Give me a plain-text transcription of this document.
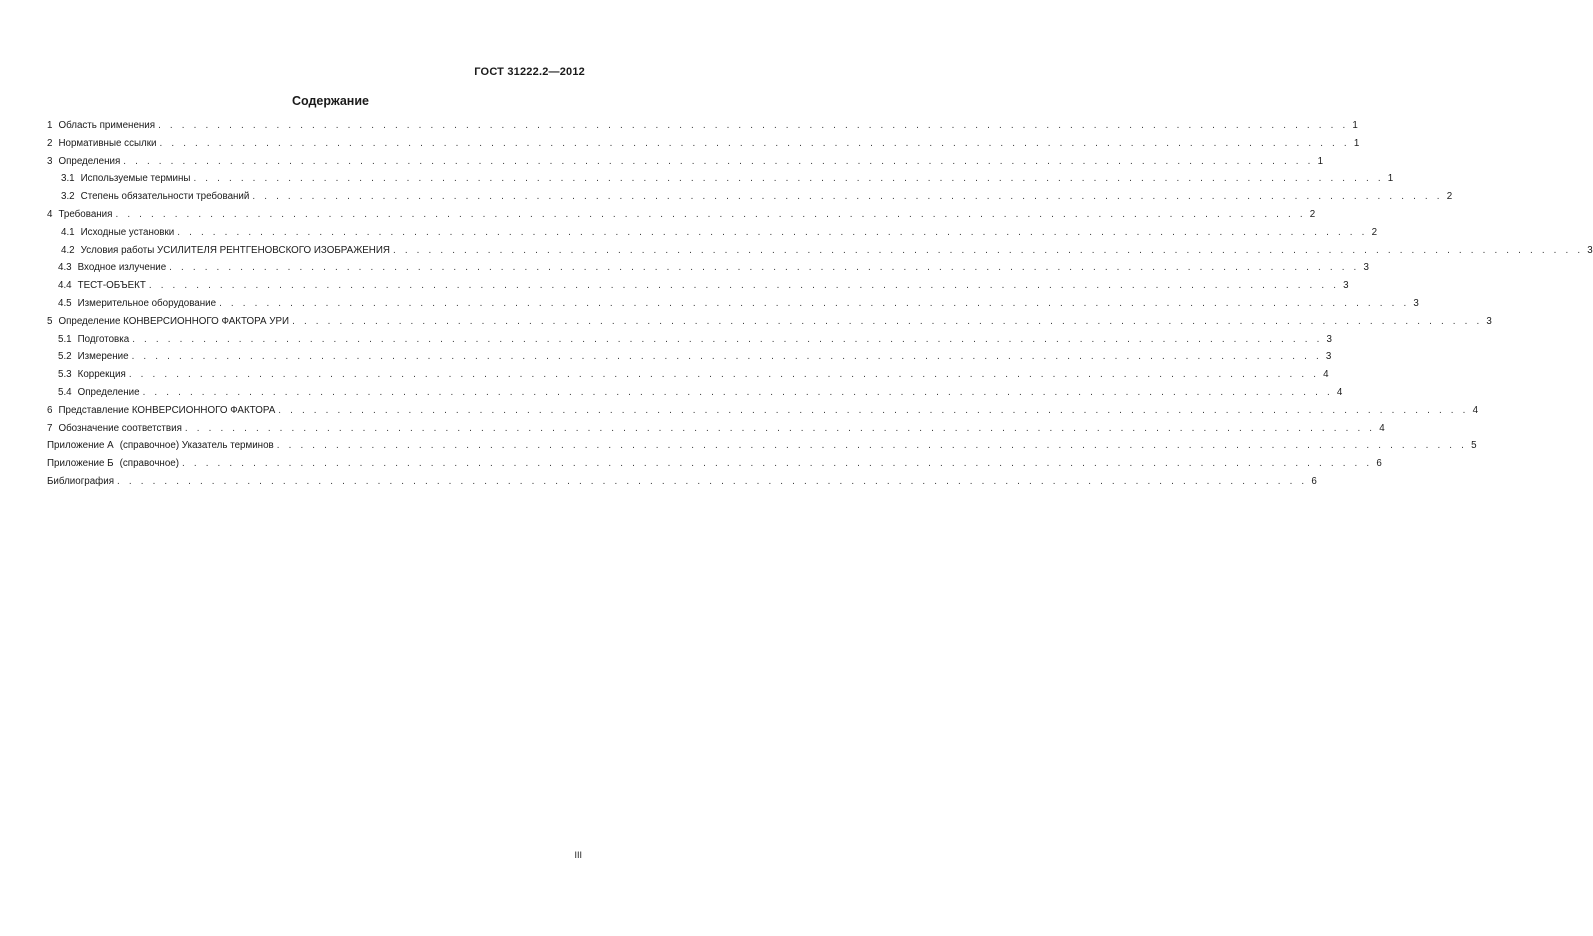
ГОСТ 31222.2—2012
Содержание
1 Область применения . . . . . . . . . . . . . . . . . . . . . . . . . . . . . . . . . . . . . . . . . . . . . . . . . . . . . . . . . . . . . . . . . . . . . . . . . . . . . . . . . . . . . . . . . . . . . . . . . . . . . 1
2 Нормативные ссылки . . . . . . . . . . . . . . . . . . . . . . . . . . . . . . . . . . . . . . . . . . . . . . . . . . . . . . . . . . . . . . . . . . . . . . . . . . . . . . . . . . . . . . . . . . . . . . . . . . . . . 1
3 Определения . . . . . . . . . . . . . . . . . . . . . . . . . . . . . . . . . . . . . . . . . . . . . . . . . . . . . . . . . . . . . . . . . . . . . . . . . . . . . . . . . . . . . . . . . . . . . . . . . . . . . 1
3.1 Используемые термины . . . . . . . . . . . . . . . . . . . . . . . . . . . . . . . . . . . . . . . . . . . . . . . . . . . . . . . . . . . . . . . . . . . . . . . . . . . . . . . . . . . . . . . . . . . . . . . . . . . . . 1
3.2 Степень обязательности требований . . . . . . . . . . . . . . . . . . . . . . . . . . . . . . . . . . . . . . . . . . . . . . . . . . . . . . . . . . . . . . . . . . . . . . . . . . . . . . . . . . . . . . . . . . . . . . . . . . . . . 2
4 Требования . . . . . . . . . . . . . . . . . . . . . . . . . . . . . . . . . . . . . . . . . . . . . . . . . . . . . . . . . . . . . . . . . . . . . . . . . . . . . . . . . . . . . . . . . . . . . . . . . . . . . 2
4.1 Исходные установки . . . . . . . . . . . . . . . . . . . . . . . . . . . . . . . . . . . . . . . . . . . . . . . . . . . . . . . . . . . . . . . . . . . . . . . . . . . . . . . . . . . . . . . . . . . . . . . . . . . . . 2
4.2 Условия работы УСИЛИТЕЛЯ РЕНТГЕНОВСКОГО ИЗОБРАЖЕНИЯ . . . . . . . . . . . . . . . . . . . . . . . . . . . . . . . . . . . . . . . . . . . . . . . . . . . . . . . . . . . . . . . . . . . . . . . . . . . . . . . . . . . . . . . . . . . . . . . . . . . . . 3
4.3 Входное излучение . . . . . . . . . . . . . . . . . . . . . . . . . . . . . . . . . . . . . . . . . . . . . . . . . . . . . . . . . . . . . . . . . . . . . . . . . . . . . . . . . . . . . . . . . . . . . . . . . . . . . 3
4.4 ТЕСТ-ОБЪЕКТ . . . . . . . . . . . . . . . . . . . . . . . . . . . . . . . . . . . . . . . . . . . . . . . . . . . . . . . . . . . . . . . . . . . . . . . . . . . . . . . . . . . . . . . . . . . . . . . . . . . . . 3
4.5 Измерительное оборудование . . . . . . . . . . . . . . . . . . . . . . . . . . . . . . . . . . . . . . . . . . . . . . . . . . . . . . . . . . . . . . . . . . . . . . . . . . . . . . . . . . . . . . . . . . . . . . . . . . . . . 3
5 Определение КОНВЕРСИОННОГО ФАКТОРА УРИ . . . . . . . . . . . . . . . . . . . . . . . . . . . . . . . . . . . . . . . . . . . . . . . . . . . . . . . . . . . . . . . . . . . . . . . . . . . . . . . . . . . . . . . . . . . . . . . . . . . . . 3
5.1 Подготовка . . . . . . . . . . . . . . . . . . . . . . . . . . . . . . . . . . . . . . . . . . . . . . . . . . . . . . . . . . . . . . . . . . . . . . . . . . . . . . . . . . . . . . . . . . . . . . . . . . . . . 3
5.2 Измерение . . . . . . . . . . . . . . . . . . . . . . . . . . . . . . . . . . . . . . . . . . . . . . . . . . . . . . . . . . . . . . . . . . . . . . . . . . . . . . . . . . . . . . . . . . . . . . . . . . . . . 3
5.3 Коррекция . . . . . . . . . . . . . . . . . . . . . . . . . . . . . . . . . . . . . . . . . . . . . . . . . . . . . . . . . . . . . . . . . . . . . . . . . . . . . . . . . . . . . . . . . . . . . . . . . . . . . 4
5.4 Определение . . . . . . . . . . . . . . . . . . . . . . . . . . . . . . . . . . . . . . . . . . . . . . . . . . . . . . . . . . . . . . . . . . . . . . . . . . . . . . . . . . . . . . . . . . . . . . . . . . . . . 4
6 Представление КОНВЕРСИОННОГО ФАКТОРА . . . . . . . . . . . . . . . . . . . . . . . . . . . . . . . . . . . . . . . . . . . . . . . . . . . . . . . . . . . . . . . . . . . . . . . . . . . . . . . . . . . . . . . . . . . . . . . . . . . . . 4
7 Обозначение соответствия . . . . . . . . . . . . . . . . . . . . . . . . . . . . . . . . . . . . . . . . . . . . . . . . . . . . . . . . . . . . . . . . . . . . . . . . . . . . . . . . . . . . . . . . . . . . . . . . . . . . . 4
Приложение А (справочное) Указатель терминов . . . . . . . . . . . . . . . . . . . . . . . . . . . . . . . . . . . . . . . . . . . . . . . . . . . . . . . . . . . . . . . . . . . . . . . . . . . . . . . . . . . . . . . . . . . . . . . . . . . . . 5
Приложение Б (справочное) . . . . . . . . . . . . . . . . . . . . . . . . . . . . . . . . . . . . . . . . . . . . . . . . . . . . . . . . . . . . . . . . . . . . . . . . . . . . . . . . . . . . . . . . . . . . . . . . . . . . . 6
Библиография . . . . . . . . . . . . . . . . . . . . . . . . . . . . . . . . . . . . . . . . . . . . . . . . . . . . . . . . . . . . . . . . . . . . . . . . . . . . . . . . . . . . . . . . . . . . . . . . . . . . . 6
III
